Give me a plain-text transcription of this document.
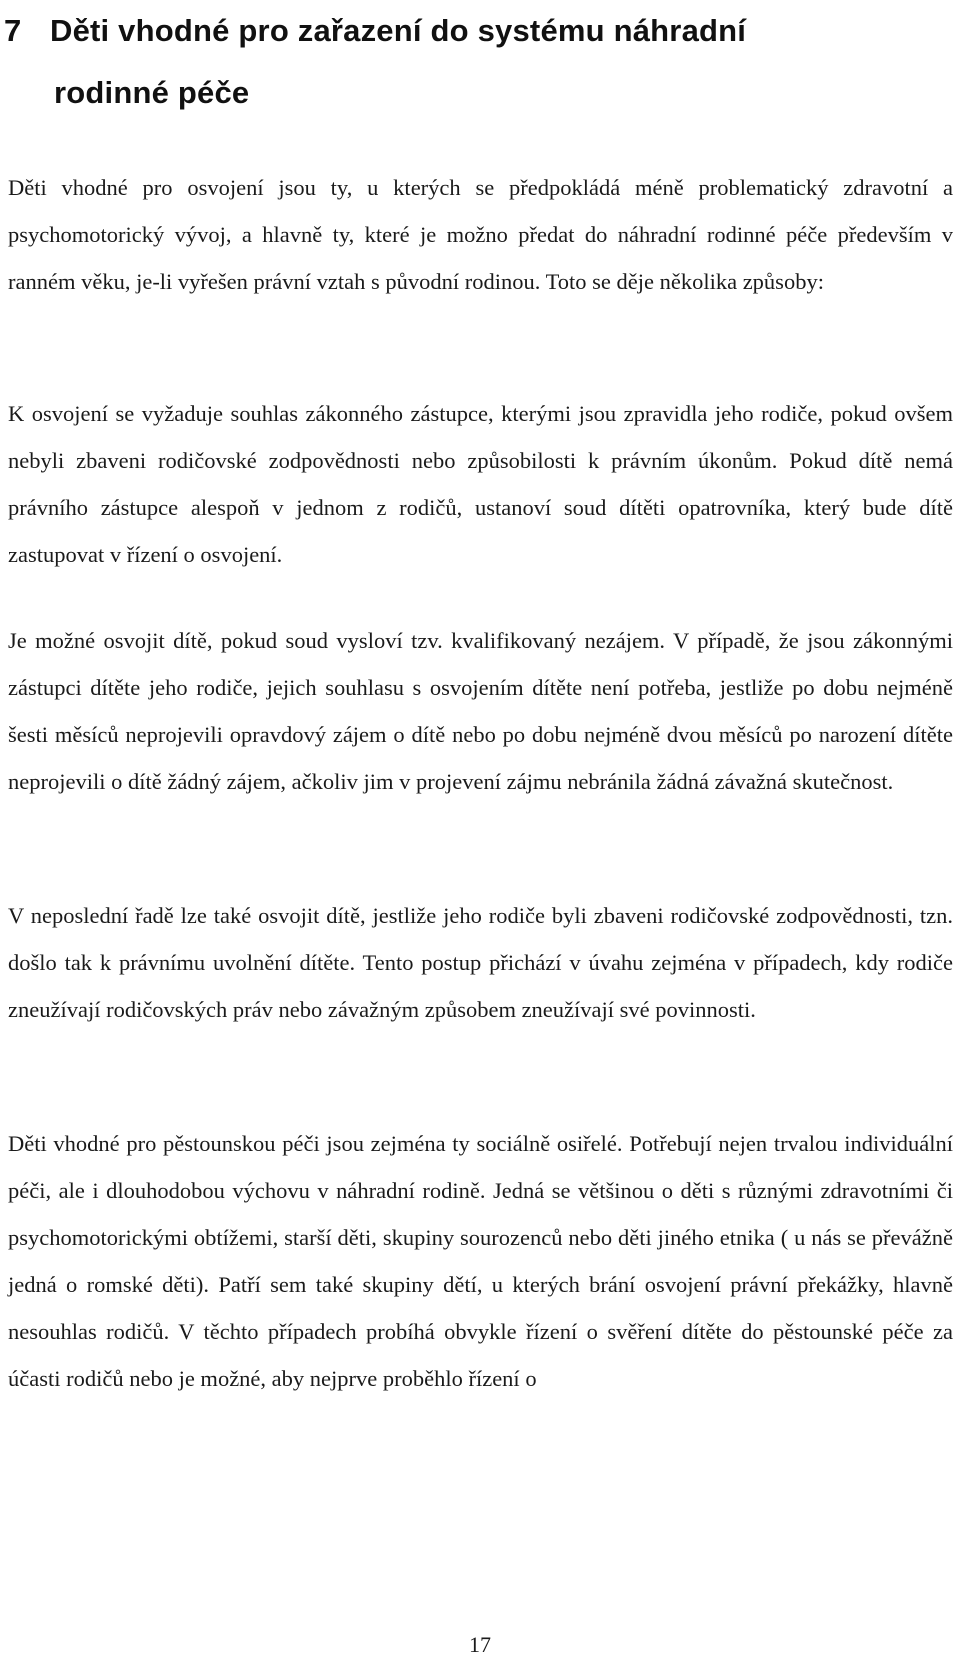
7 Děti vhodné pro zařazení do systému náhradní
rodinné péče

Děti vhodné pro osvojení jsou ty, u kterých se předpokládá méně problematický zdravotní a psychomotorický vývoj, a hlavně ty, které je možno předat do náhradní rodinné péče především v ranném věku, je-li vyřešen právní vztah s původní rodinou. Toto se děje několika způsoby:

K osvojení se vyžaduje souhlas zákonného zástupce, kterými jsou zpravidla jeho rodiče, pokud ovšem nebyli zbaveni rodičovské zodpovědnosti nebo způsobilosti k právním úkonům. Pokud dítě nemá právního zástupce alespoň v jednom z rodičů, ustanoví soud dítěti opatrovníka, který bude dítě zastupovat v řízení o osvojení.

Je možné osvojit dítě, pokud soud vysloví tzv. kvalifikovaný nezájem. V případě, že jsou zákonnými zástupci dítěte jeho rodiče, jejich souhlasu s osvojením dítěte není potřeba, jestliže po dobu nejméně šesti měsíců neprojevili opravdový zájem o dítě nebo po dobu nejméně dvou měsíců po narození dítěte neprojevili o dítě žádný zájem, ačkoliv jim v projevení zájmu nebránila žádná závažná skutečnost.

V neposlední řadě lze také osvojit dítě, jestliže jeho rodiče byli zbaveni rodičovské zodpovědnosti, tzn. došlo tak k právnímu uvolnění dítěte. Tento postup přichází v úvahu zejména v případech, kdy rodiče zneužívají rodičovských práv nebo závažným způsobem zneužívají své povinnosti.

Děti vhodné pro pěstounskou péči jsou zejména ty sociálně osiřelé. Potřebují nejen trvalou individuální péči, ale i dlouhodobou výchovu v náhradní rodině. Jedná se většinou o děti s různými zdravotními či psychomotorickými obtížemi, starší děti, skupiny sourozenců nebo děti jiného etnika ( u nás se převážně jedná o romské děti). Patří sem také skupiny dětí, u kterých brání osvojení právní překážky, hlavně nesouhlas rodičů. V těchto případech probíhá obvykle řízení o svěření dítěte do pěstounské péče za účasti rodičů nebo je možné, aby nejprve proběhlo řízení o

17
